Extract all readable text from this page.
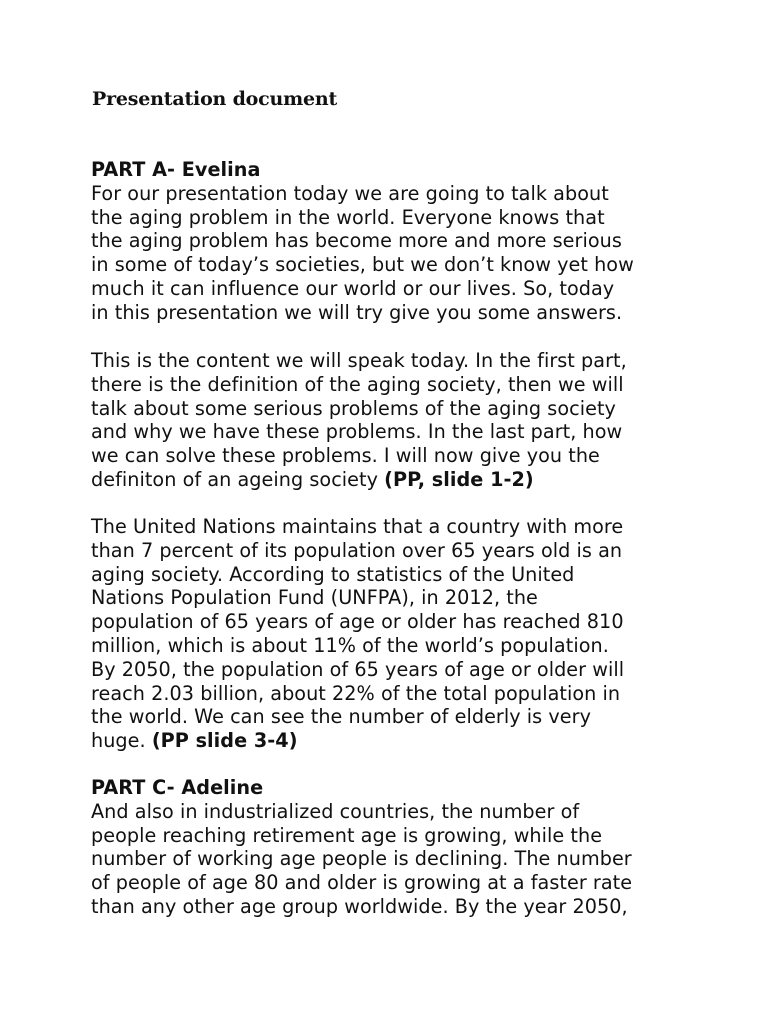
Presentation document
PART A- Evelina
For our presentation today we are going to talk about
the aging problem in the world. Everyone knows that
the aging problem has become more and more serious
in some of today’s societies, but we don’t know yet how
much it can influence our world or our lives. So, today
in this presentation we will try give you some answers.
This is the content we will speak today. In the first part,
there is the definition of the aging society, then we will
talk about some serious problems of the aging society
and why we have these problems. In the last part, how
we can solve these problems. I will now give you the
definiton of an ageing society (PP, slide 1-2)
The United Nations maintains that a country with more
than 7 percent of its population over 65 years old is an
aging society. According to statistics of the United
Nations Population Fund (UNFPA), in 2012, the
population of 65 years of age or older has reached 810
million, which is about 11% of the world’s population.
By 2050, the population of 65 years of age or older will
reach 2.03 billion, about 22% of the total population in
the world. We can see the number of elderly is very
huge. (PP slide 3-4)
PART C- Adeline
And also in industrialized countries, the number of
people reaching retirement age is growing, while the
number of working age people is declining. The number
of people of age 80 and older is growing at a faster rate
than any other age group worldwide. By the year 2050,
